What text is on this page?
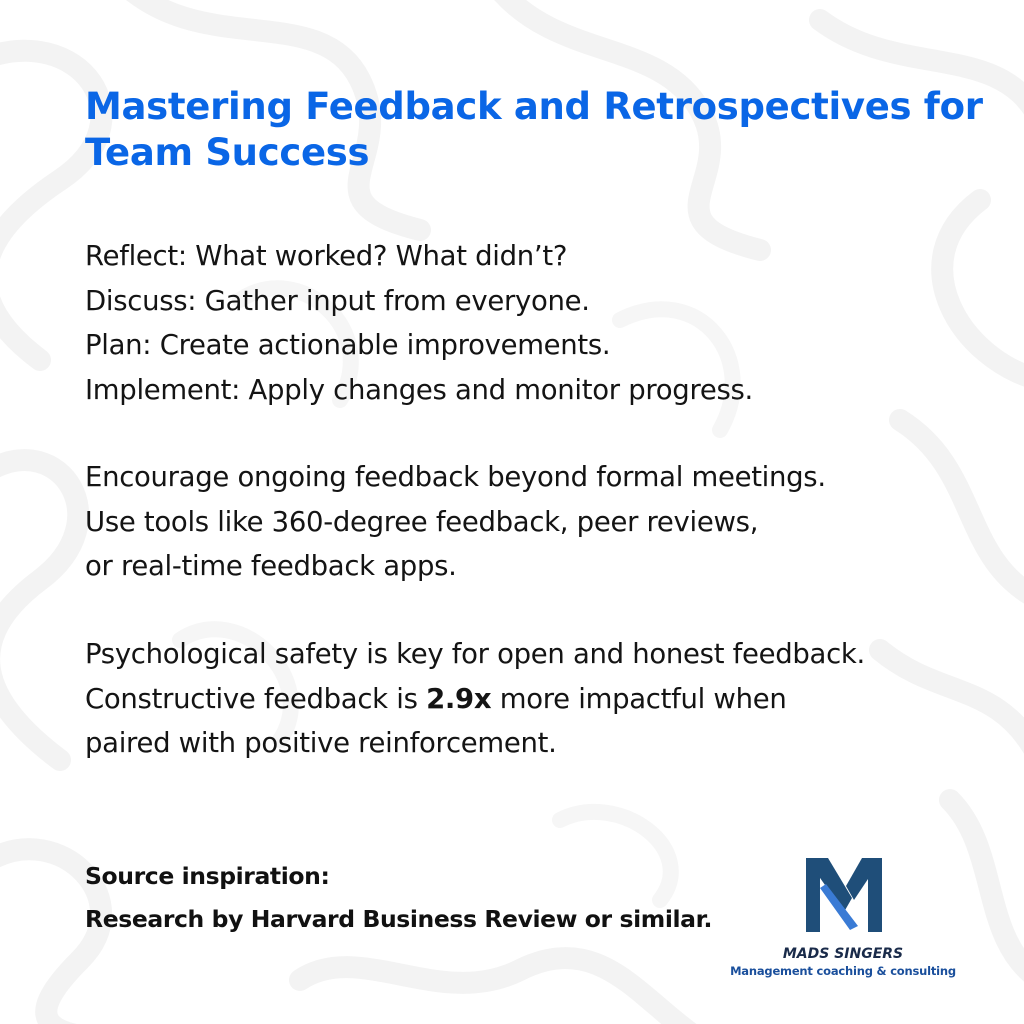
Mastering Feedback and Retrospectives for Team Success

Reflect: What worked? What didn’t?

Discuss: Gather input from everyone.

Plan: Create actionable improvements.

Implement: Apply changes and monitor progress.

Encourage ongoing feedback beyond formal meetings.

Use tools like 360-degree feedback, peer reviews,

or real-time feedback apps.

Psychological safety is key for open and honest feedback.

Constructive feedback is 2.9x more impactful when

paired with positive reinforcement.

Source inspiration:

Research by Harvard Business Review or similar.

MADS SINGERS
Management coaching & consulting
